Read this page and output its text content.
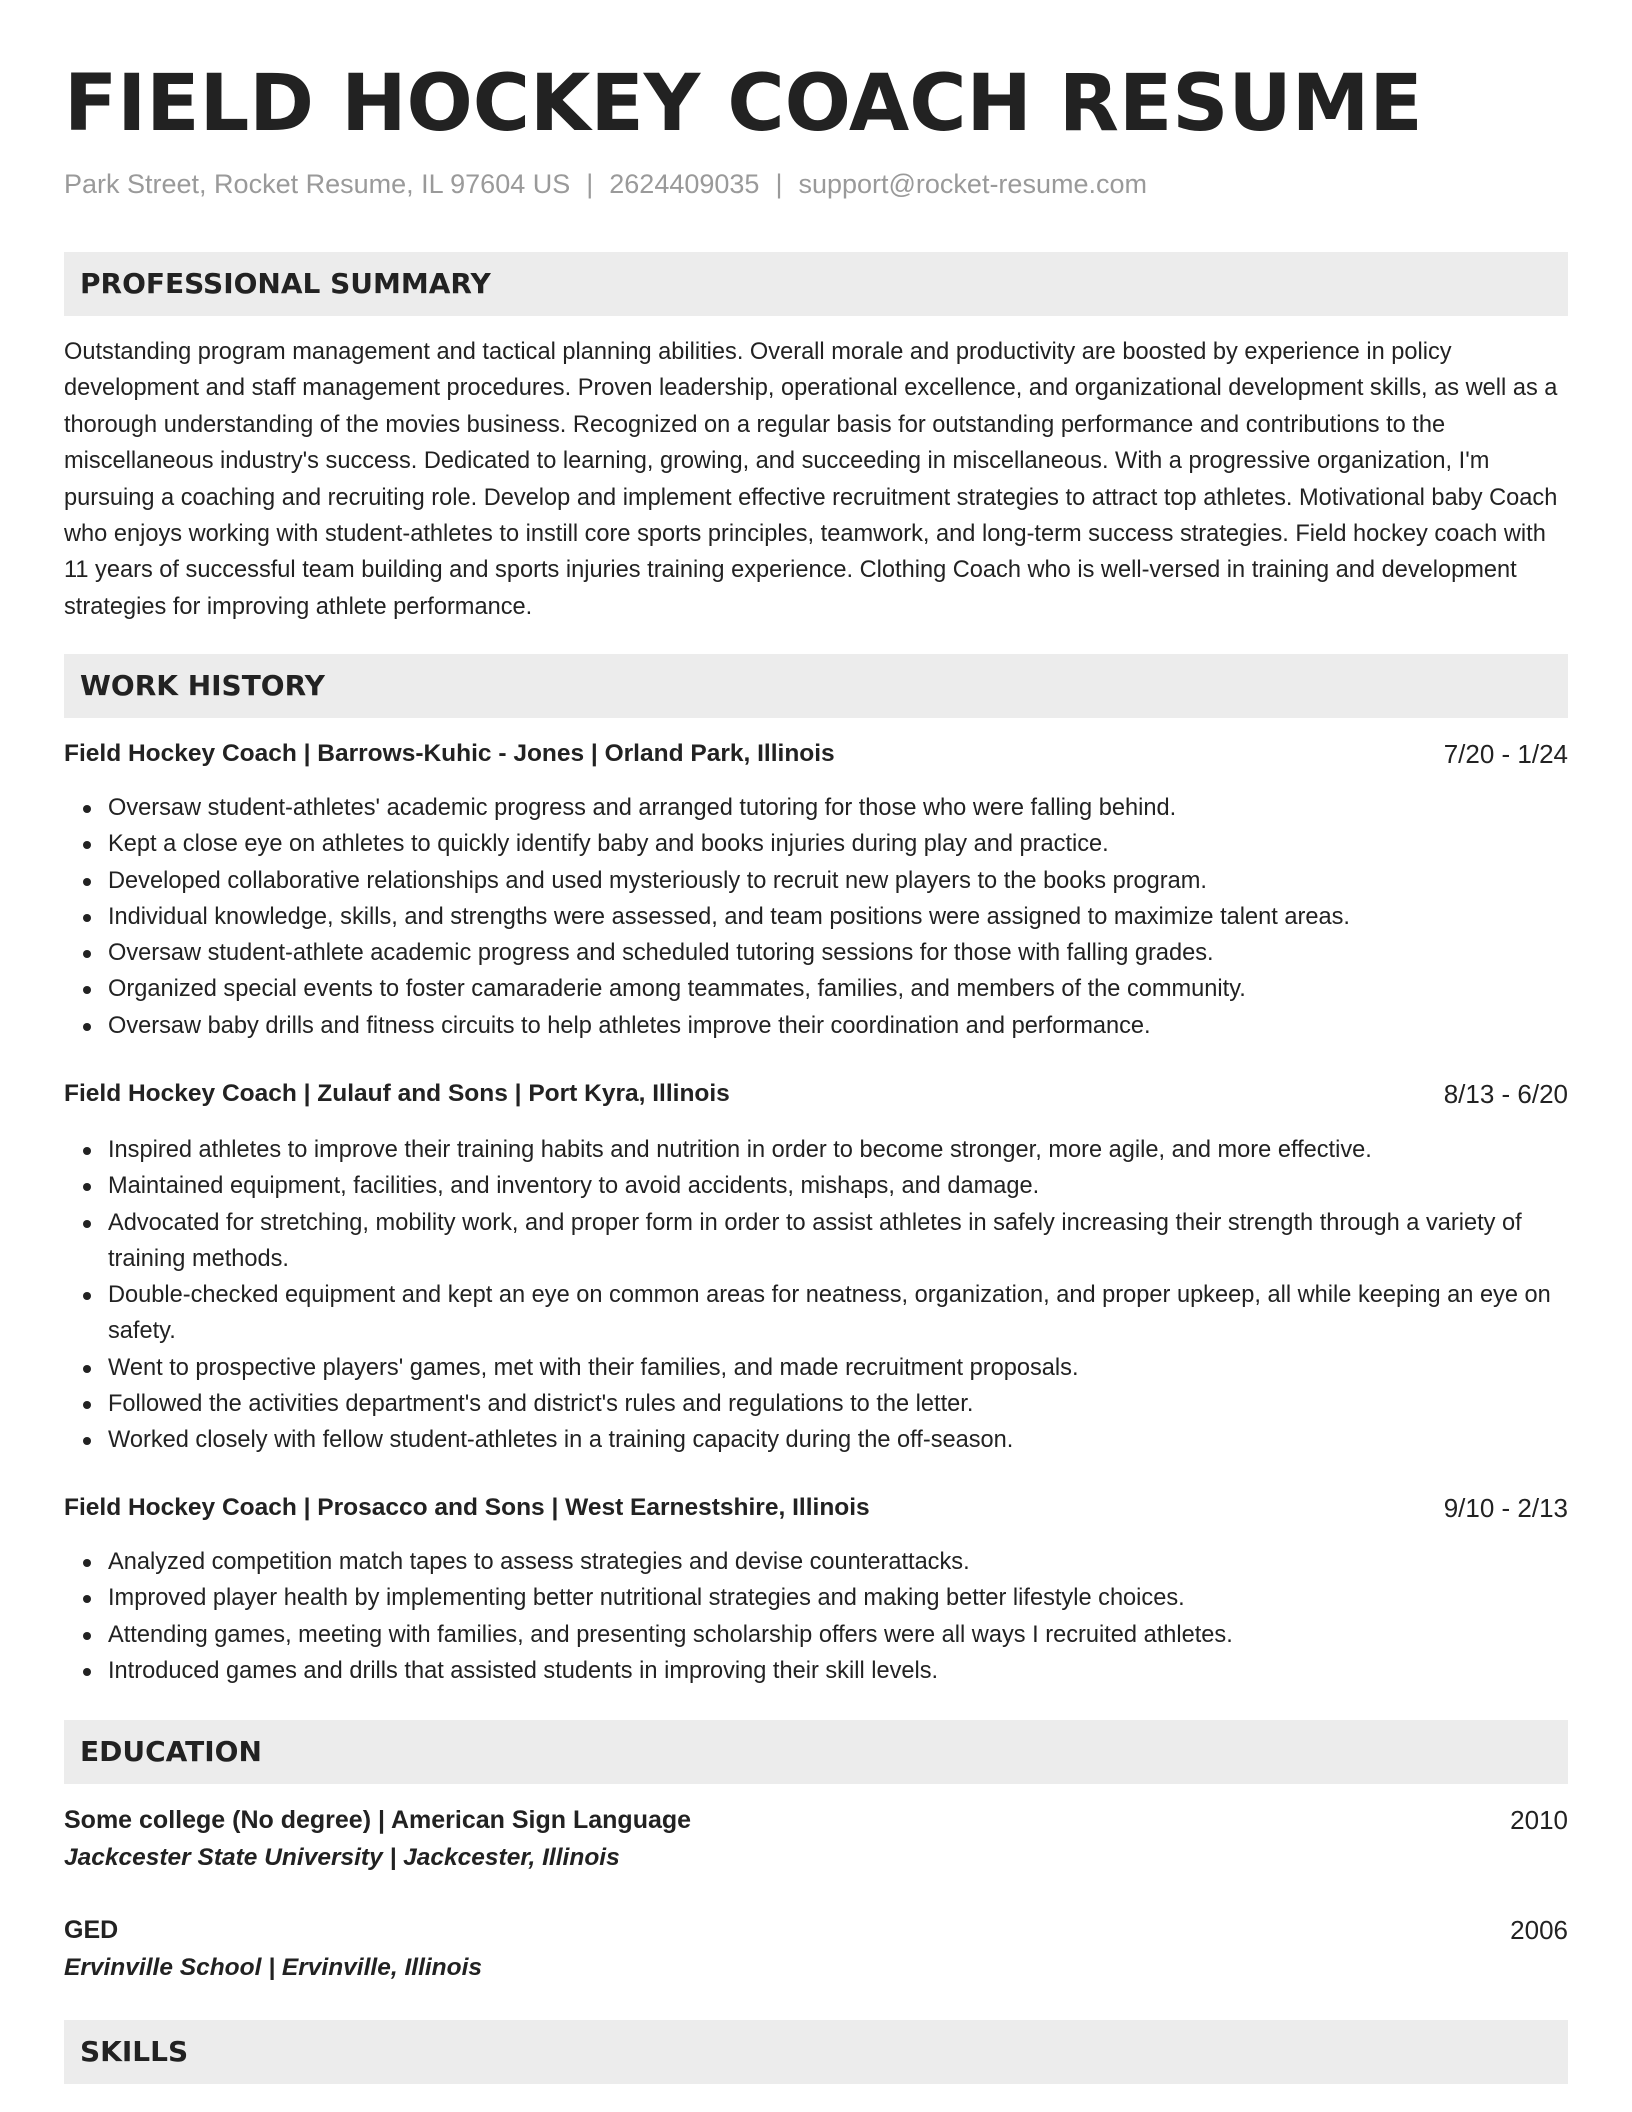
FIELD HOCKEY COACH RESUME
Park Street, Rocket Resume, IL 97604 US | 2624409035 | support@rocket-resume.com
PROFESSIONAL SUMMARY

Outstanding program management and tactical planning abilities. Overall morale and productivity are boosted by experience in policy development and staff management procedures. Proven leadership, operational excellence, and organizational development skills, as well as a thorough understanding of the movies business. Recognized on a regular basis for outstanding performance and contributions to the miscellaneous industry's success. Dedicated to learning, growing, and succeeding in miscellaneous. With a progressive organization, I'm pursuing a coaching and recruiting role. Develop and implement effective recruitment strategies to attract top athletes. Motivational baby Coach who enjoys working with student-athletes to instill core sports principles, teamwork, and long-term success strategies. Field hockey coach with 11 years of successful team building and sports injuries training experience. Clothing Coach who is well-versed in training and development strategies for improving athlete performance.

WORK HISTORY
Field Hockey Coach | Barrows-Kuhic - Jones | Orland Park, Illinois	7/20 - 1/24
Oversaw student-athletes' academic progress and arranged tutoring for those who were falling behind.
Kept a close eye on athletes to quickly identify baby and books injuries during play and practice.
Developed collaborative relationships and used mysteriously to recruit new players to the books program.
Individual knowledge, skills, and strengths were assessed, and team positions were assigned to maximize talent areas.
Oversaw student-athlete academic progress and scheduled tutoring sessions for those with falling grades.
Organized special events to foster camaraderie among teammates, families, and members of the community.
Oversaw baby drills and fitness circuits to help athletes improve their coordination and performance.
Field Hockey Coach | Zulauf and Sons | Port Kyra, Illinois	8/13 - 6/20
Inspired athletes to improve their training habits and nutrition in order to become stronger, more agile, and more effective.
Maintained equipment, facilities, and inventory to avoid accidents, mishaps, and damage.
Advocated for stretching, mobility work, and proper form in order to assist athletes in safely increasing their strength through a variety of training methods.
Double-checked equipment and kept an eye on common areas for neatness, organization, and proper upkeep, all while keeping an eye on safety.
Went to prospective players' games, met with their families, and made recruitment proposals.
Followed the activities department's and district's rules and regulations to the letter.
Worked closely with fellow student-athletes in a training capacity during the off-season.
Field Hockey Coach | Prosacco and Sons | West Earnestshire, Illinois	9/10 - 2/13
Analyzed competition match tapes to assess strategies and devise counterattacks.
Improved player health by implementing better nutritional strategies and making better lifestyle choices.
Attending games, meeting with families, and presenting scholarship offers were all ways I recruited athletes.
Introduced games and drills that assisted students in improving their skill levels.
EDUCATION
Some college (No degree) | American Sign Language	2010
Jackcester State University | Jackcester, Illinois
GED	2006
Ervinville School | Ervinville, Illinois
SKILLS
